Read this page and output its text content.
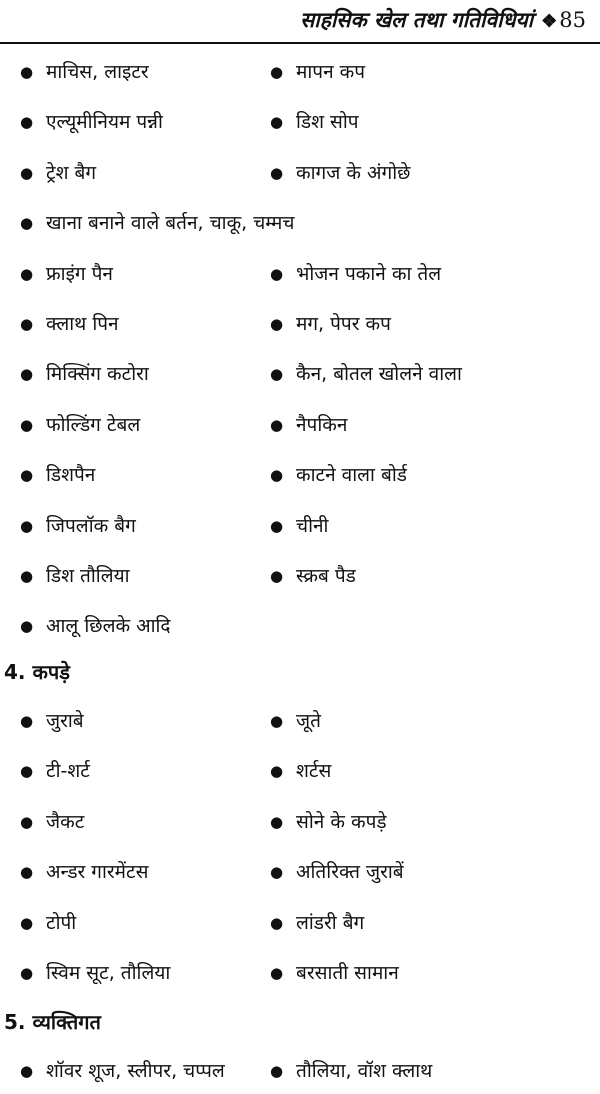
साहसिक खेल तथा गतिविधियां ❖85
● माचिस, लाइटर	● मापन कप
● एल्यूमीनियम पन्नी	● डिश सोप
● ट्रेश बैग	● कागज के अंगोछे
● खाना बनाने वाले बर्तन, चाकू, चम्मच
● फ्राइंग पैन	● भोजन पकाने का तेल
● क्लाथ पिन	● मग, पेपर कप
● मिक्सिंग कटोरा	● कैन, बोतल खोलने वाला
● फोल्डिंग टेबल	● नैपकिन
● डिशपैन	● काटने वाला बोर्ड
● जिपलॉक बैग	● चीनी
● डिश तौलिया	● स्क्रब पैड
● आलू छिलके आदि
4. कपड़े
● जुराबे	● जूते
● टी-शर्ट	● शर्टस
● जैकट	● सोने के कपड़े
● अन्डर गारमेंटस	● अतिरिक्त जुराबें
● टोपी	● लांडरी बैग
● स्विम सूट, तौलिया	● बरसाती सामान
5. व्यक्तिगत
● शॉवर शूज, स्लीपर, चप्पल	● तौलिया, वॉश क्लाथ
